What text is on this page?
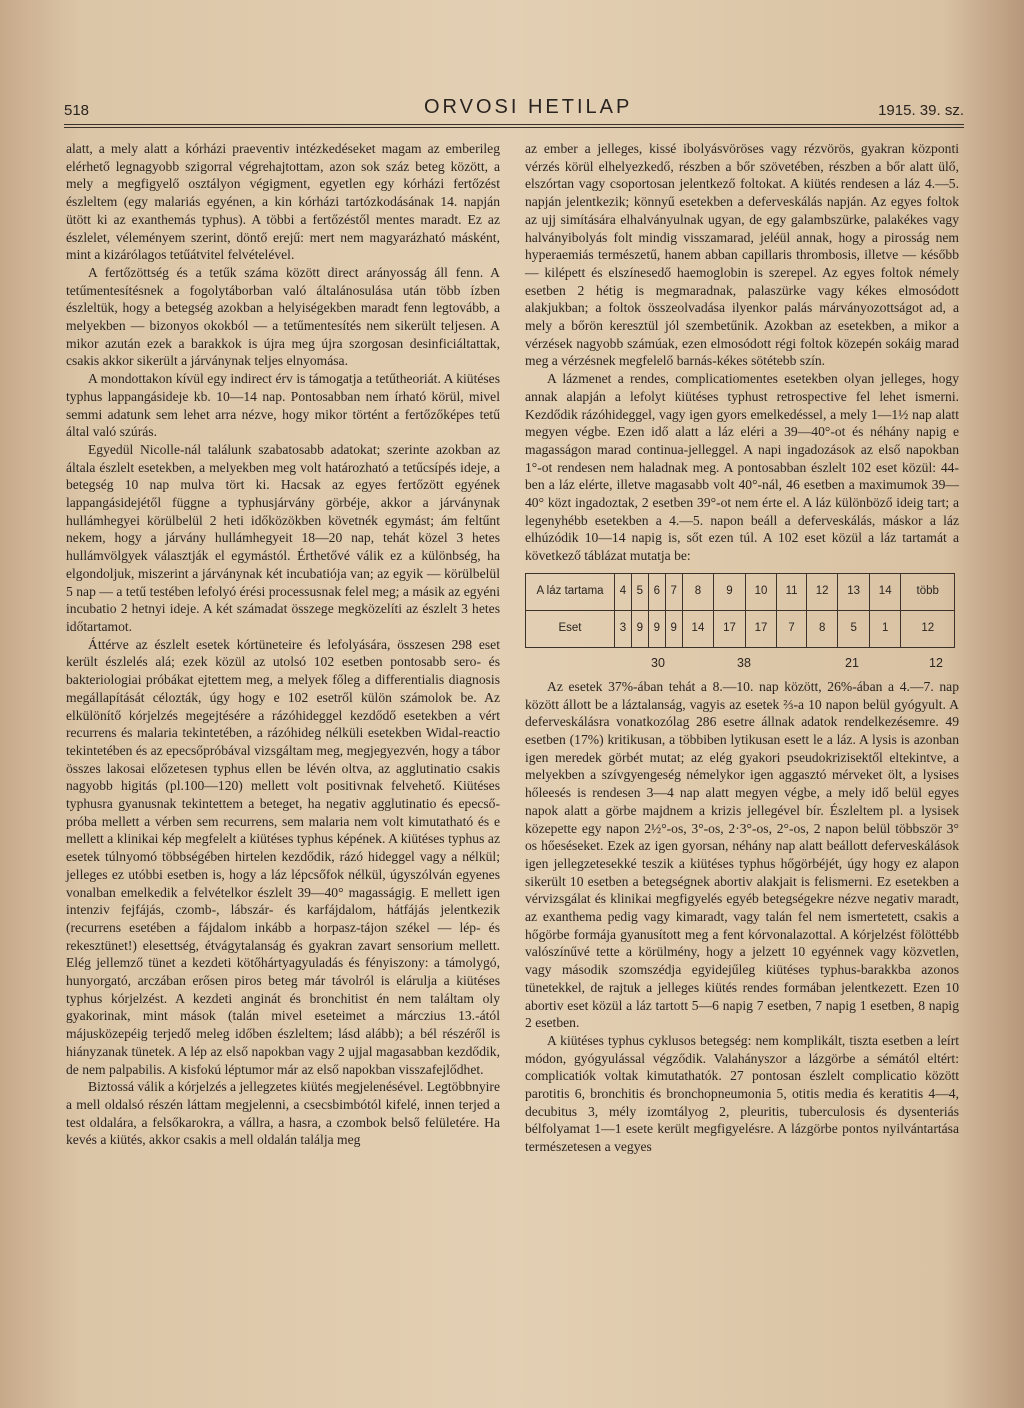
518	ORVOSI HETILAP	1915. 39. sz.

alatt, a mely alatt a kórházi praeventiv intézkedéseket magam az emberileg elérhető legnagyobb szigorral végrehajtottam, azon sok száz beteg között, a mely a megfigyelő osztályon végigment, egyetlen egy kórházi fertőzést észleltem (egy malariás egyénen, a kin kórházi tartózkodásának 14. napján ütött ki az exanthemás typhus). A többi a fertőzéstől mentes maradt. Ez az észlelet, véleményem szerint, döntő erejű: mert nem magyarázható másként, mint a kizárólagos tetűátvitel felvételével.

A fertőzöttség és a tetűk száma között direct arányosság áll fenn. A tetűmentesítésnek a fogolytáborban való általánosulása után több ízben észleltük, hogy a betegség azokban a helyiségekben maradt fenn legtovább, a melyekben — bizonyos okokból — a tetűmentesítés nem sikerült teljesen. A mikor azután ezek a barakkok is újra meg újra szorgosan desinficiáltattak, csakis akkor sikerült a járványnak teljes elnyomása.

A mondottakon kívül egy indirect érv is támogatja a tetűtheoriát. A kiütéses typhus lappangásideje kb. 10—14 nap. Pontosabban nem írható körül, mivel semmi adatunk sem lehet arra nézve, hogy mikor történt a fertőzőképes tetű által való szúrás.

Egyedül Nicolle-nál találunk szabatosabb adatokat; szerinte azokban az általa észlelt esetekben, a melyekben meg volt határozható a tetűcsípés ideje, a betegség 10 nap mulva tört ki. Hacsak az egyes fertőzött egyének lappangásidejétől függne a typhusjárvány görbéje, akkor a járványnak hullámhegyei körülbelül 2 heti időközökben követnék egymást; ám feltűnt nekem, hogy a járvány hullámhegyeit 18—20 nap, tehát közel 3 hetes hullámvölgyek választják el egymástól. Érthetővé válik ez a különbség, ha elgondoljuk, miszerint a járványnak két incubatiója van; az egyik — körülbelül 5 nap — a tetű testében lefolyó érési processusnak felel meg; a másik az egyéni incubatio 2 hetnyi ideje. A két számadat összege megközelíti az észlelt 3 hetes időtartamot.

Áttérve az észlelt esetek kórtüneteire és lefolyására, összesen 298 eset került észlelés alá; ezek közül az utolsó 102 esetben pontosabb sero- és bakteriologiai próbákat ejtettem meg, a melyek főleg a differentialis diagnosis megállapítását célozták, úgy hogy e 102 esetről külön számolok be. Az elkülönítő kórjelzés megejtésére a rázóhideggel kezdődő esetekben a vért recurrens és malaria tekintetében, a rázóhideg nélküli esetekben Widal-reactio tekintetében és az epecsőpróbával vizsgáltam meg, megjegyezvén, hogy a tábor összes lakosai előzetesen typhus ellen be lévén oltva, az agglutinatio csakis nagyobb higitás (pl.100—120) mellett volt positivnak felvehető. Kiütéses typhusra gyanusnak tekintettem a beteget, ha negativ agglutinatio és epecső-próba mellett a vérben sem recurrens, sem malaria nem volt kimutatható és e mellett a klinikai kép megfelelt a kiütéses typhus képének. A kiütéses typhus az esetek túlnyomó többségében hirtelen kezdődik, rázó hideggel vagy a nélkül; jelleges ez utóbbi esetben is, hogy a láz lépcsőfok nélkül, úgyszólván egyenes vonalban emelkedik a felvételkor észlelt 39—40° magasságig. E mellett igen intenziv fejfájás, czomb-, lábszár- és karfájdalom, hátfájás jelentkezik (recurrens esetében a fájdalom inkább a horpasz-tájon székel — lép- és rekesztünet!) elesettség, étvágytalanság és gyakran zavart sensorium mellett. Elég jellemző tünet a kezdeti kötőhártyagyuladás és fényiszony: a támolygó, hunyorgató, arczában erősen piros beteg már távolról is elárulja a kiütéses typhus kórjelzést. A kezdeti anginát és bronchitist én nem találtam oly gyakorinak, mint mások (talán mivel eseteimet a márczius 13.-ától májusközepéig terjedő meleg időben észleltem; lásd alább); a bél részéről is hiányzanak tünetek. A lép az első napokban vagy 2 ujjal magasabban kezdődik, de nem palpabilis. A kisfokú léptumor már az első napokban visszafejlődhet.

Biztossá válik a kórjelzés a jellegzetes kiütés megjelenésével. Legtöbbnyire a mell oldalsó részén láttam megjelenni, a csecsbimbótól kifelé, innen terjed a test oldalára, a felsőkarokra, a vállra, a hasra, a czombok belső felületére. Ha kevés a kiütés, akkor csakis a mell oldalán találja meg

az ember a jelleges, kissé ibolyásvöröses vagy rézvörös, gyakran központi vérzés körül elhelyezkedő, részben a bőr szövetében, részben a bőr alatt ülő, elszórtan vagy csoportosan jelentkező foltokat. A kiütés rendesen a láz 4.—5. napján jelentkezik; könnyű esetekben a deferveskálás napján. Az egyes foltok az ujj simítására elhalványulnak ugyan, de egy galambszürke, palakékes vagy halványibolyás folt mindig visszamarad, jeléül annak, hogy a pirosság nem hyperaemiás természetű, hanem abban capillaris thrombosis, illetve — később — kilépett és elszínesedő haemoglobin is szerepel. Az egyes foltok némely esetben 2 hétig is megmaradnak, palaszürke vagy kékes elmosódott alakjukban; a foltok összeolvadása ilyenkor palás márványozottságot ad, a mely a bőrön keresztül jól szembetűnik. Azokban az esetekben, a mikor a vérzések nagyobb számúak, ezen elmosódott régi foltok közepén sokáig marad meg a vérzésnek megfelelő barnás-kékes sötétebb szín.

A lázmenet a rendes, complicatiomentes esetekben olyan jelleges, hogy annak alapján a lefolyt kiütéses typhust retrospective fel lehet ismerni. Kezdődik rázóhideggel, vagy igen gyors emelkedéssel, a mely 1—1½ nap alatt megyen végbe. Ezen idő alatt a láz eléri a 39—40°-ot és néhány napig e magasságon marad continua-jelleggel. A napi ingadozások az első napokban 1°-ot rendesen nem haladnak meg. A pontosabban észlelt 102 eset közül: 44-ben a láz elérte, illetve magasabb volt 40°-nál, 46 esetben a maximumok 39—40° közt ingadoztak, 2 esetben 39°-ot nem érte el. A láz különböző ideig tart; a legenyhébb esetekben a 4.—5. napon beáll a deferveskálás, máskor a láz elhúzódik 10—14 napig is, sőt ezen túl. A 102 eset közül a láz tartamát a következő táblázat mutatja be:

A láz tartama	4	5	6	7	8	9	10	11	12	13	14	több
Eset	3	9	9	9	14	17	17	7	8	5	1	12
30	38	21	12

Az esetek 37%-ában tehát a 8.—10. nap között, 26%-ában a 4.—7. nap között állott be a láztalanság, vagyis az esetek ⅔-a 10 napon belül gyógyult. A deferveskálásra vonatkozólag 286 esetre állnak adatok rendelkezésemre. 49 esetben (17%) kritikusan, a többiben lytikusan esett le a láz. A lysis is azonban igen meredek görbét mutat; az elég gyakori pseudokrizisektől eltekintve, a melyekben a szívgyengeség némelykor igen aggasztó mérveket ölt, a lysises hőleesés is rendesen 3—4 nap alatt megyen végbe, a mely idő belül egyes napok alatt a görbe majdnem a krizis jellegével bír. Észleltem pl. a lysisek közepette egy napon 2½°-os, 3°-os, 2·3°-os, 2°-os, 2 napon belül többször 3° os hőeséseket. Ezek az igen gyorsan, néhány nap alatt beállott deferveskálások igen jellegzetesekké teszik a kiütéses typhus hőgörbéjét, úgy hogy ez alapon sikerült 10 esetben a betegségnek abortiv alakjait is felismerni. Ez esetekben a vérvizsgálat és klinikai megfigyelés egyéb betegségekre nézve negativ maradt, az exanthema pedig vagy kimaradt, vagy talán fel nem ismertetett, csakis a hőgörbe formája gyanusított meg a fent kórvonalazottal. A kórjelzést fölöttébb valószínűvé tette a körülmény, hogy a jelzett 10 egyénnek vagy közvetlen, vagy második szomszédja egyidejűleg kiütéses typhus-barakkba azonos tünetekkel, de rajtuk a jelleges kiütés rendes formában jelentkezett. Ezen 10 abortiv eset közül a láz tartott 5—6 napig 7 esetben, 7 napig 1 esetben, 8 napig 2 esetben.

A kiütéses typhus cyklusos betegség: nem komplikált, tiszta esetben a leírt módon, gyógyulással végződik. Valahányszor a lázgörbe a sémától eltért: complicatiók voltak kimutathatók. 27 pontosan észlelt complicatio között parotitis 6, bronchitis és bronchopneumonia 5, otitis media és keratitis 4—4, decubitus 3, mély izomtályog 2, pleuritis, tuberculosis és dysenteriás bélfolyamat 1—1 esete került megfigyelésre. A lázgörbe pontos nyilvántartása természetesen a vegyes
